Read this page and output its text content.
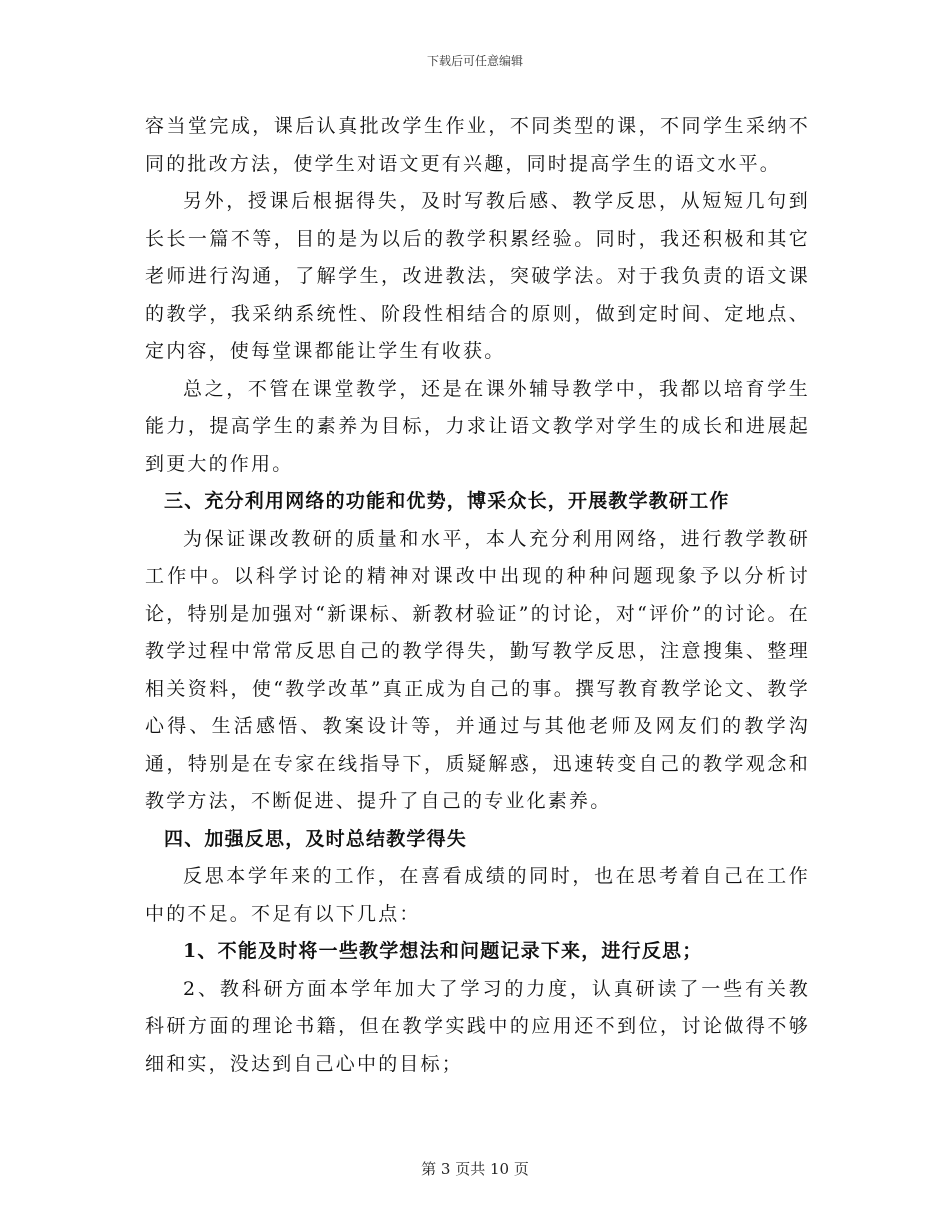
下载后可任意编辑

容当堂完成，课后认真批改学生作业，不同类型的课，不同学生采纳不同的批改方法，使学生对语文更有兴趣，同时提高学生的语文水平。

另外，授课后根据得失，及时写教后感、教学反思，从短短几句到长长一篇不等，目的是为以后的教学积累经验。同时，我还积极和其它老师进行沟通，了解学生，改进教法，突破学法。对于我负责的语文课的教学，我采纳系统性、阶段性相结合的原则，做到定时间、定地点、定内容，使每堂课都能让学生有收获。

总之，不管在课堂教学，还是在课外辅导教学中，我都以培育学生能力，提高学生的素养为目标，力求让语文教学对学生的成长和进展起到更大的作用。

三、充分利用网络的功能和优势，博采众长，开展教学教研工作

为保证课改教研的质量和水平，本人充分利用网络，进行教学教研工作中。以科学讨论的精神对课改中出现的种种问题现象予以分析讨论，特别是加强对“新课标、新教材验证”的讨论，对“评价”的讨论。在教学过程中常常反思自己的教学得失，勤写教学反思，注意搜集、整理相关资料，使“教学改革”真正成为自己的事。撰写教育教学论文、教学心得、生活感悟、教案设计等，并通过与其他老师及网友们的教学沟通，特别是在专家在线指导下，质疑解惑，迅速转变自己的教学观念和教学方法，不断促进、提升了自己的专业化素养。

四、加强反思，及时总结教学得失

反思本学年来的工作，在喜看成绩的同时，也在思考着自己在工作中的不足。不足有以下几点：

1、不能及时将一些教学想法和问题记录下来，进行反思；

2、教科研方面本学年加大了学习的力度，认真研读了一些有关教科研方面的理论书籍，但在教学实践中的应用还不到位，讨论做得不够细和实，没达到自己心中的目标；

第 3 页共 10 页
